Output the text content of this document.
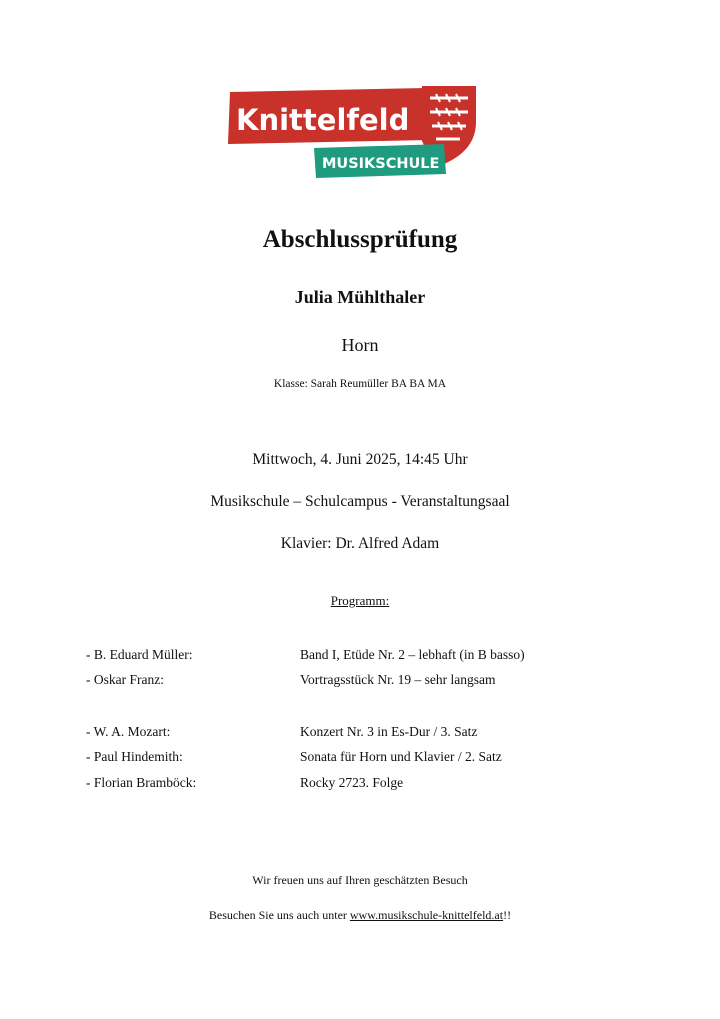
Knittelfeld
MUSIKSCHULE
Abschlussprüfung
Julia Mühlthaler
Horn
Klasse: Sarah Reumüller BA BA MA
Mittwoch, 4. Juni 2025, 14:45 Uhr
Musikschule – Schulcampus - Veranstaltungsaal
Klavier: Dr. Alfred Adam
Programm:
- B. Eduard Müller:	Band I, Etüde Nr. 2 – lebhaft (in B basso)
- Oskar Franz:	Vortragsstück Nr. 19 – sehr langsam
- W. A. Mozart:	Konzert Nr. 3 in Es-Dur / 3. Satz
- Paul Hindemith:	Sonata für Horn und Klavier / 2. Satz
- Florian Bramböck:	Rocky 2723. Folge
Wir freuen uns auf Ihren geschätzten Besuch
Besuchen Sie uns auch unter www.musikschule-knittelfeld.at!!
